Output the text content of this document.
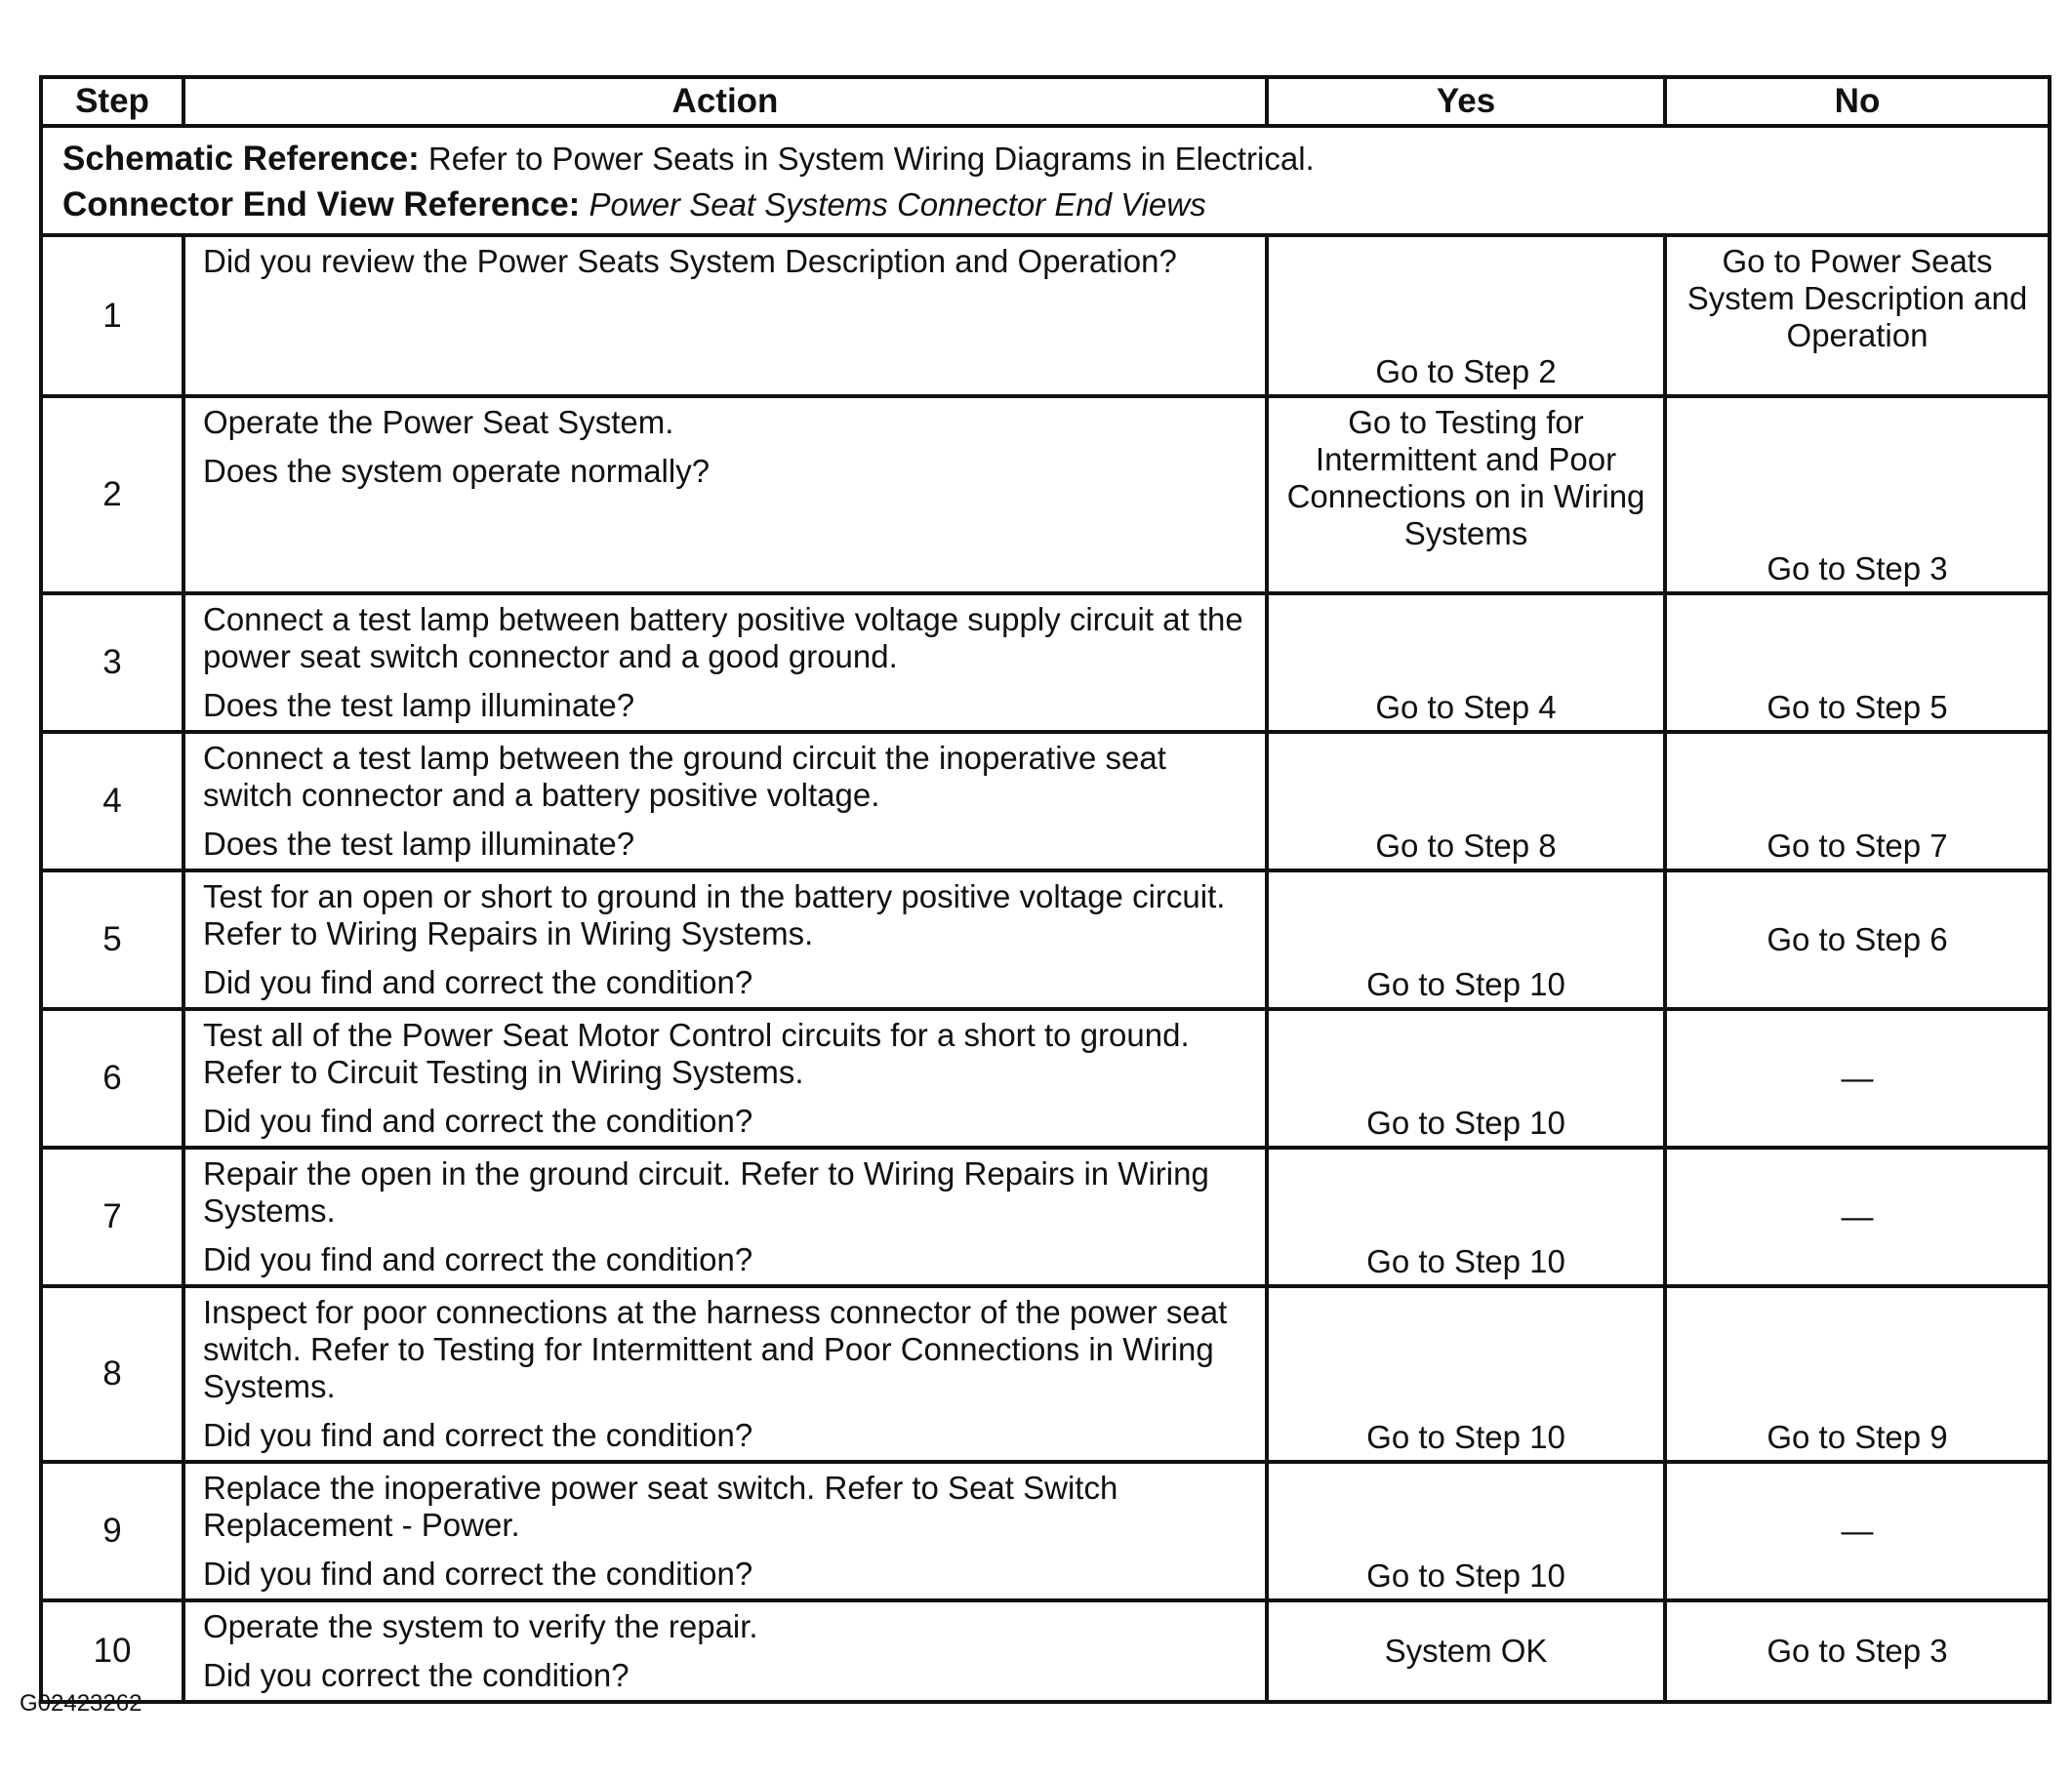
Step	Action	Yes	No

Schematic Reference: Refer to Power Seats in System Wiring Diagrams in Electrical.
Connector End View Reference: Power Seat Systems Connector End Views			

1	Did you review the Power Seats System Description and Operation?	Go to Step 2	Go to Power Seats System Description and Operation

2	Operate the Power Seat System.
Does the system operate normally?	Go to Testing for Intermittent and Poor Connections on in Wiring Systems	Go to Step 3

3	Connect a test lamp between battery positive voltage supply circuit at the power seat switch connector and a good ground.
Does the test lamp illuminate?	Go to Step 4	Go to Step 5

4	Connect a test lamp between the ground circuit the inoperative seat switch connector and a battery positive voltage.
Does the test lamp illuminate?	Go to Step 8	Go to Step 7

5	Test for an open or short to ground in the battery positive voltage circuit. Refer to Wiring Repairs in Wiring Systems.
Did you find and correct the condition?	Go to Step 10	Go to Step 6

6	Test all of the Power Seat Motor Control circuits for a short to ground. Refer to Circuit Testing in Wiring Systems.
Did you find and correct the condition?	Go to Step 10	—

7	Repair the open in the ground circuit. Refer to Wiring Repairs in Wiring Systems.
Did you find and correct the condition?	Go to Step 10	—

8	Inspect for poor connections at the harness connector of the power seat switch. Refer to Testing for Intermittent and Poor Connections in Wiring Systems.
Did you find and correct the condition?	Go to Step 10	Go to Step 9

9	Replace the inoperative power seat switch. Refer to Seat Switch Replacement - Power.
Did you find and correct the condition?	Go to Step 10	—

10	Operate the system to verify the repair.
Did you correct the condition?	System OK	Go to Step 3
G02423262
